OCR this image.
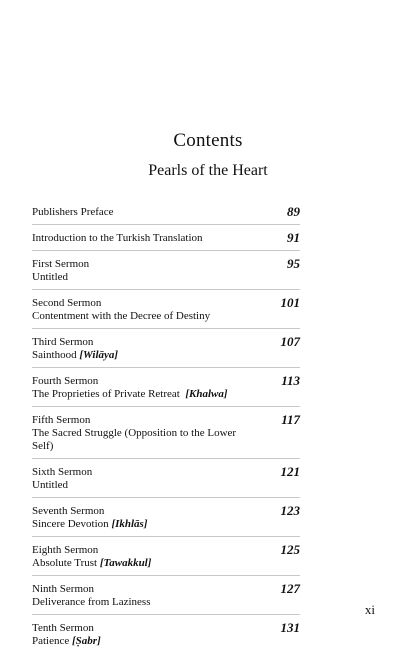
Contents
Pearls of the Heart
Publishers Preface	89
Introduction to the Turkish Translation	91
First Sermon
Untitled
95
Second Sermon
Contentment with the Decree of Destiny
101
Third Sermon
Sainthood [Wilāya]
107
Fourth Sermon
The Proprieties of Private Retreat [Khalwa]
113
Fifth Sermon
The Sacred Struggle (Opposition to the Lower Self)
117
Sixth Sermon
Untitled
121
Seventh Sermon
Sincere Devotion [Ikhlās]
123
Eighth Sermon
Absolute Trust [Tawakkul]
125
Ninth Sermon
Deliverance from Laziness
127
Tenth Sermon
Patience [Ṣabr]
131
xi
